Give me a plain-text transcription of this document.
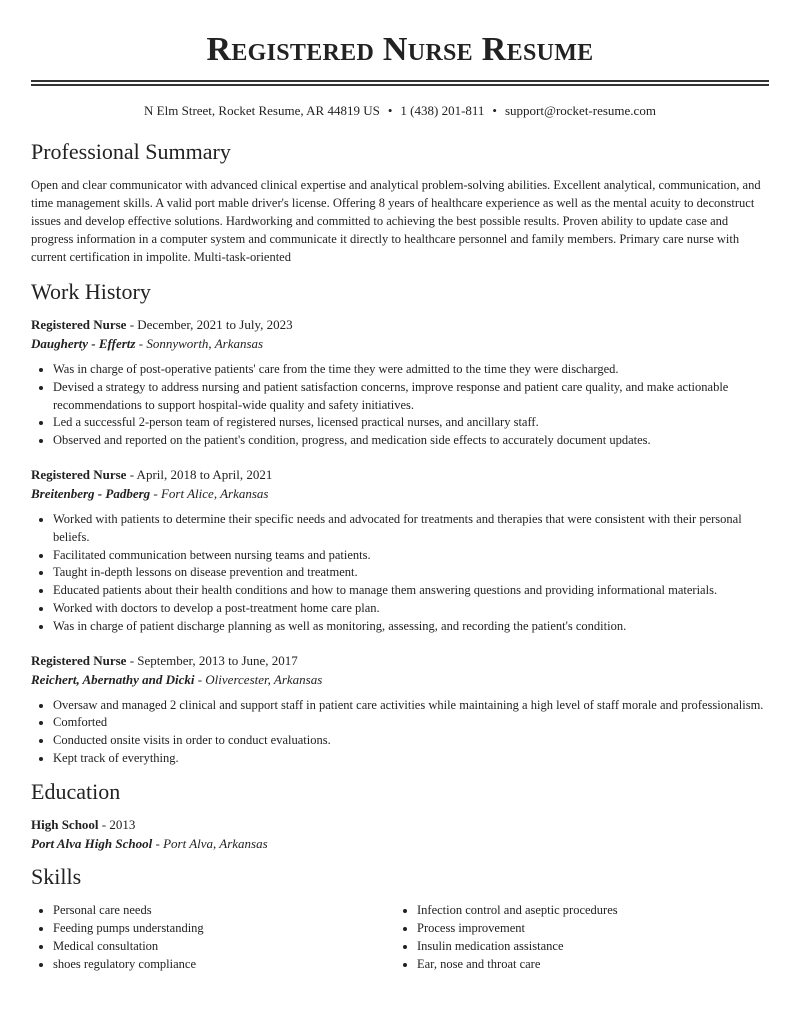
Registered Nurse Resume
N Elm Street, Rocket Resume, AR 44819 US • 1 (438) 201-811 • support@rocket-resume.com
Professional Summary

Open and clear communicator with advanced clinical expertise and analytical problem-solving abilities. Excellent analytical, communication, and time management skills. A valid port mable driver's license. Offering 8 years of healthcare experience as well as the mental acuity to deconstruct issues and develop effective solutions. Hardworking and committed to achieving the best possible results. Proven ability to update case and progress information in a computer system and communicate it directly to healthcare personnel and family members. Primary care nurse with current certification in impolite. Multi-task-oriented

Work History
Registered Nurse - December, 2021 to July, 2023
Daugherty - Effertz - Sonnyworth, Arkansas
• Was in charge of post-operative patients' care from the time they were admitted to the time they were discharged.
• Devised a strategy to address nursing and patient satisfaction concerns, improve response and patient care quality, and make actionable recommendations to support hospital-wide quality and safety initiatives.
• Led a successful 2-person team of registered nurses, licensed practical nurses, and ancillary staff.
• Observed and reported on the patient's condition, progress, and medication side effects to accurately document updates.
Registered Nurse - April, 2018 to April, 2021
Breitenberg - Padberg - Fort Alice, Arkansas
• Worked with patients to determine their specific needs and advocated for treatments and therapies that were consistent with their personal beliefs.
• Facilitated communication between nursing teams and patients.
• Taught in-depth lessons on disease prevention and treatment.
• Educated patients about their health conditions and how to manage them answering questions and providing informational materials.
• Worked with doctors to develop a post-treatment home care plan.
• Was in charge of patient discharge planning as well as monitoring, assessing, and recording the patient's condition.
Registered Nurse - September, 2013 to June, 2017
Reichert, Abernathy and Dicki - Olivercester, Arkansas
• Oversaw and managed 2 clinical and support staff in patient care activities while maintaining a high level of staff morale and professionalism.
• Comforted
• Conducted onsite visits in order to conduct evaluations.
• Kept track of everything.
Education
High School - 2013
Port Alva High School - Port Alva, Arkansas
Skills
• Personal care needs
• Feeding pumps understanding
• Medical consultation
• shoes regulatory compliance
• Infection control and aseptic procedures
• Process improvement
• Insulin medication assistance
• Ear, nose and throat care
